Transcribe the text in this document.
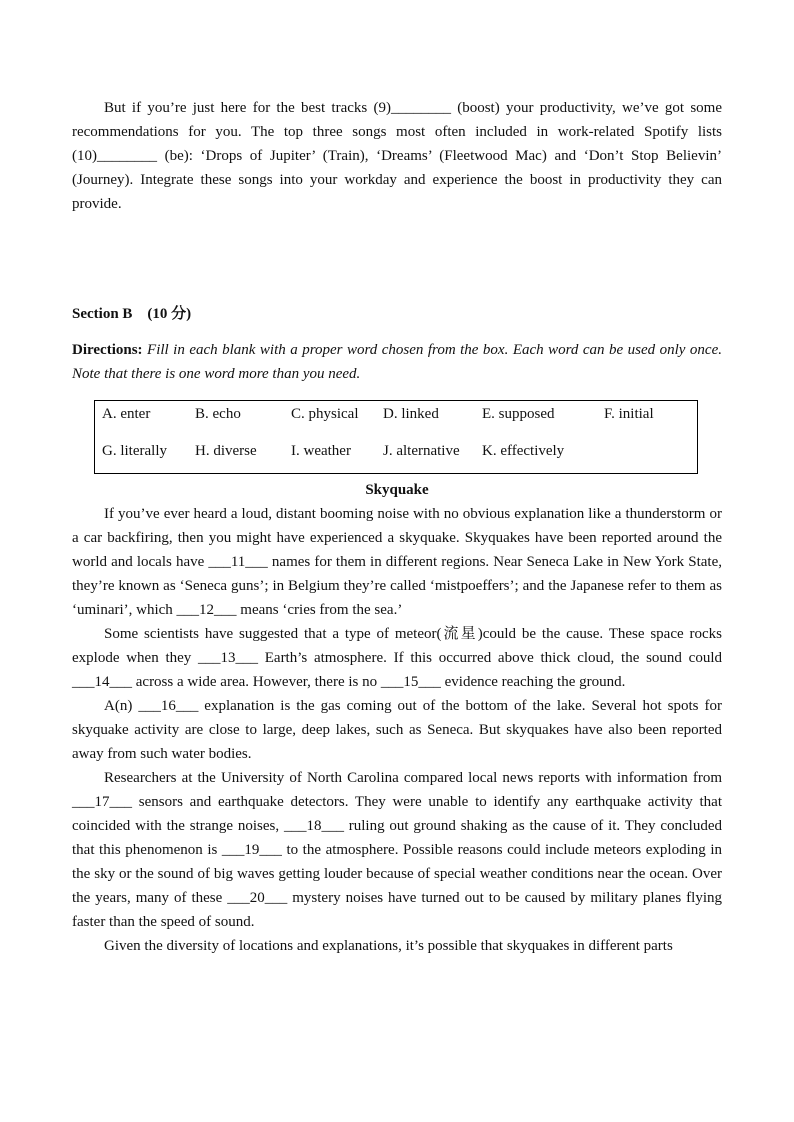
But if you’re just here for the best tracks (9)________ (boost) your productivity, we’ve got some recommendations for you. The top three songs most often included in work-related Spotify lists (10)________ (be): ‘Drops of Jupiter’ (Train), ‘Dreams’ (Fleetwood Mac) and ‘Don’t Stop Believin’ (Journey). Integrate these songs into your workday and experience the boost in productivity they can provide.

Section B　(10 分)

Directions: Fill in each blank with a proper word chosen from the box. Each word can be used only once. Note that there is one word more than you need.

A. enter	B. echo	C. physical D. linked	E. supposed	F. initial
G. literally H. diverse I. weather J. alternative K. effectively

Skyquake

If you’ve ever heard a loud, distant booming noise with no obvious explanation like a thunderstorm or a car backfiring, then you might have experienced a skyquake. Skyquakes have been reported around the world and locals have ___11___ names for them in different regions. Near Seneca Lake in New York State, they’re known as ‘Seneca guns’; in Belgium they’re called ‘mistpoeffers’; and the Japanese refer to them as ‘uminari’, which ___12___ means ‘cries from the sea.’

Some scientists have suggested that a type of meteor(流星)could be the cause. These space rocks explode when they ___13___ Earth’s atmosphere. If this occurred above thick cloud, the sound could ___14___ across a wide area. However, there is no ___15___ evidence reaching the ground.

A(n) ___16___ explanation is the gas coming out of the bottom of the lake. Several hot spots for skyquake activity are close to large, deep lakes, such as Seneca. But skyquakes have also been reported away from such water bodies.

Researchers at the University of North Carolina compared local news reports with information from ___17___ sensors and earthquake detectors. They were unable to identify any earthquake activity that coincided with the strange noises, ___18___ ruling out ground shaking as the cause of it. They concluded that this phenomenon is ___19___ to the atmosphere. Possible reasons could include meteors exploding in the sky or the sound of big waves getting louder because of special weather conditions near the ocean. Over the years, many of these ___20___ mystery noises have turned out to be caused by military planes flying faster than the speed of sound.

Given the diversity of locations and explanations, it’s possible that skyquakes in different parts
